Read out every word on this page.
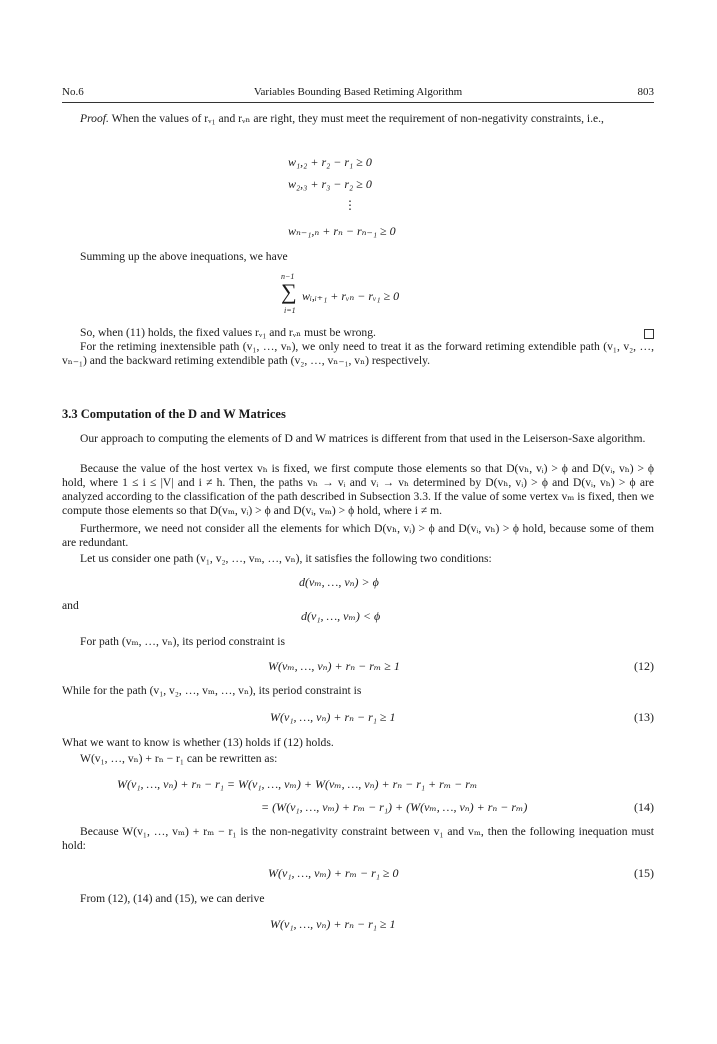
No.6	Variables Bounding Based Retiming Algorithm	803
Proof. When the values of rᵥ₁ and rᵥₙ are right, they must meet the requirement of non-negativity constraints, i.e.,
w₁,₂ + r₂ − r₁ ≥ 0
w₂,₃ + r₃ − r₂ ≥ 0
⋮
wₙ₋₁,ₙ + rₙ − rₙ₋₁ ≥ 0
Summing up the above inequations, we have
n−1
∑
i=1
wᵢ,ᵢ₊₁ + rᵥₙ − rᵥ₁ ≥ 0
So, when (11) holds, the fixed values rᵥ₁ and rᵥₙ must be wrong.
For the retiming inextensible path (v₁, …, vₙ), we only need to treat it as the forward retiming extendible path (v₁, v₂, …, vₙ₋₁) and the backward retiming extendible path (v₂, …, vₙ₋₁, vₙ) respectively.
3.3 Computation of the D and W Matrices
Our approach to computing the elements of D and W matrices is different from that used in the Leiserson-Saxe algorithm.
Because the value of the host vertex vₕ is fixed, we first compute those elements so that D(vₕ, vᵢ) > ϕ and D(vᵢ, vₕ) > ϕ hold, where 1 ≤ i ≤ |V| and i ≠ h. Then, the paths vₕ → vᵢ and vᵢ → vₕ determined by D(vₕ, vᵢ) > ϕ and D(vᵢ, vₕ) > ϕ are analyzed according to the classification of the path described in Subsection 3.3. If the value of some vertex vₘ is fixed, then we compute those elements so that D(vₘ, vᵢ) > ϕ and D(vᵢ, vₘ) > ϕ hold, where i ≠ m.
Furthermore, we need not consider all the elements for which D(vₕ, vᵢ) > ϕ and D(vᵢ, vₕ) > ϕ hold, because some of them are redundant.
Let us consider one path (v₁, v₂, …, vₘ, …, vₙ), it satisfies the following two conditions:
d(vₘ, …, vₙ) > ϕ
and
d(v₁, …, vₘ) < ϕ
For path (vₘ, …, vₙ), its period constraint is
W(vₘ, …, vₙ) + rₙ − rₘ ≥ 1	(12)
While for the path (v₁, v₂, …, vₘ, …, vₙ), its period constraint is
W(v₁, …, vₙ) + rₙ − r₁ ≥ 1	(13)
What we want to know is whether (13) holds if (12) holds.
W(v₁, …, vₙ) + rₙ − r₁ can be rewritten as:
W(v₁, …, vₙ) + rₙ − r₁ = W(v₁, …, vₘ) + W(vₘ, …, vₙ) + rₙ − r₁ + rₘ − rₘ
= (W(v₁, …, vₘ) + rₘ − r₁) + (W(vₘ, …, vₙ) + rₙ − rₘ)	(14)
Because W(v₁, …, vₘ) + rₘ − r₁ is the non-negativity constraint between v₁ and vₘ, then the following inequation must hold:
W(v₁, …, vₘ) + rₘ − r₁ ≥ 0	(15)
From (12), (14) and (15), we can derive
W(v₁, …, vₙ) + rₙ − r₁ ≥ 1
